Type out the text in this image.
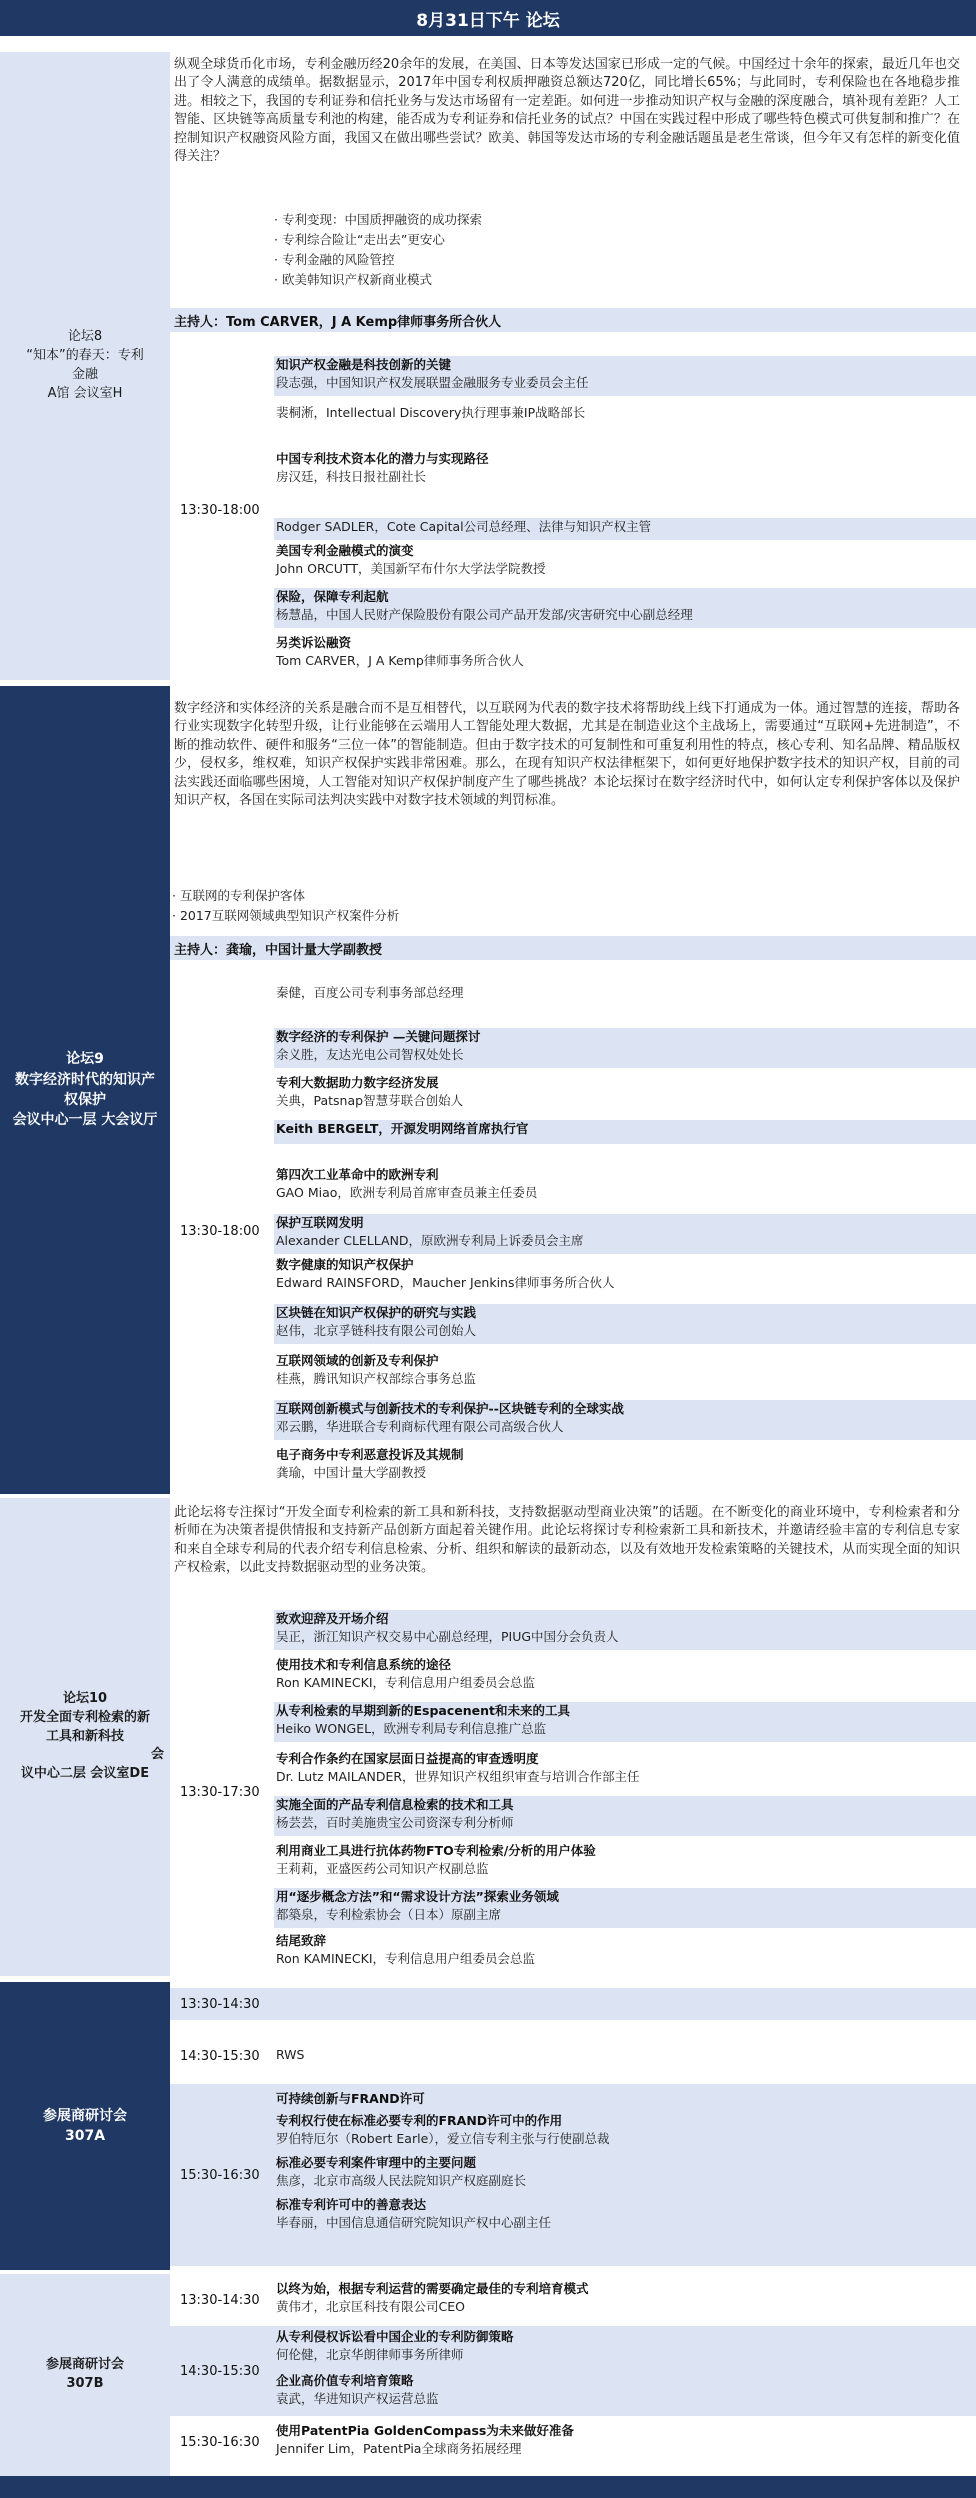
8月31日下午 论坛
论坛8
“知本”的春天：专利
金融
A馆 会议室H

纵观全球货币化市场，专利金融历经20余年的发展，在美国、日本等发达国家已形成一定的气候。中国经过十余年的探索，最近几年也交出了令人满意的成绩单。据数据显示，2017年中国专利权质押融资总额达720亿，同比增长65%；与此同时，专利保险也在各地稳步推进。相较之下，我国的专利证券和信托业务与发达市场留有一定差距。如何进一步推动知识产权与金融的深度融合，填补现有差距？人工智能、区块链等高质量专利池的构建，能否成为专利证券和信托业务的试点？中国在实践过程中形成了哪些特色模式可供复制和推广？在控制知识产权融资风险方面，我国又在做出哪些尝试？欧美、韩国等发达市场的专利金融话题虽是老生常谈，但今年又有怎样的新变化值得关注？

· 专利变现：中国质押融资的成功探索
· 专利综合险让“走出去”更安心
· 专利金融的风险管控
· 欧美韩知识产权新商业模式
主持人：Tom CARVER，J A Kemp律师事务所合伙人
13:30-18:00
知识产权金融是科技创新的关键
段志强，中国知识产权发展联盟金融服务专业委员会主任
裴桐淅，Intellectual Discovery执行理事兼IP战略部长
中国专利技术资本化的潜力与实现路径
房汉廷，科技日报社副社长
Rodger SADLER，Cote Capital公司总经理、法律与知识产权主管
美国专利金融模式的演变
John ORCUTT，美国新罕布什尔大学法学院教授
保险，保障专利起航
杨慧晶，中国人民财产保险股份有限公司产品开发部/灾害研究中心副总经理
另类诉讼融资
Tom CARVER，J A Kemp律师事务所合伙人
论坛9
数字经济时代的知识产
权保护
会议中心一层 大会议厅

数字经济和实体经济的关系是融合而不是互相替代，以互联网为代表的数字技术将帮助线上线下打通成为一体。通过智慧的连接，帮助各行业实现数字化转型升级，让行业能够在云端用人工智能处理大数据，尤其是在制造业这个主战场上，需要通过“互联网+先进制造”，不断的推动软件、硬件和服务“三位一体”的智能制造。但由于数字技术的可复制性和可重复利用性的特点，核心专利、知名品牌、精品版权少，侵权多，维权难，知识产权保护实践非常困难。那么，在现有知识产权法律框架下，如何更好地保护数字技术的知识产权，目前的司法实践还面临哪些困境，人工智能对知识产权保护制度产生了哪些挑战？本论坛探讨在数字经济时代中，如何认定专利保护客体以及保护知识产权，各国在实际司法判决实践中对数字技术领域的判罚标准。

· 互联网的专利保护客体
· 2017互联网领域典型知识产权案件分析
主持人：龚瑜，中国计量大学副教授
13:30-18:00
秦健，百度公司专利事务部总经理
数字经济的专利保护 —关键问题探讨
余义胜，友达光电公司智权处处长
专利大数据助力数字经济发展
关典，Patsnap智慧芽联合创始人
Keith BERGELT，开源发明网络首席执行官
第四次工业革命中的欧洲专利
GAO Miao，欧洲专利局首席审查员兼主任委员
保护互联网发明
Alexander CLELLAND，原欧洲专利局上诉委员会主席
数字健康的知识产权保护
Edward RAINSFORD，Maucher Jenkins律师事务所合伙人
区块链在知识产权保护的研究与实践
赵伟，北京孚链科技有限公司创始人
互联网领域的创新及专利保护
桂燕，腾讯知识产权部综合事务总监
互联网创新模式与创新技术的专利保护--区块链专利的全球实战
邓云鹏，华进联合专利商标代理有限公司高级合伙人
电子商务中专利恶意投诉及其规制
龚瑜，中国计量大学副教授
论坛10
开发全面专利检索的新
工具和新科技
会
议中心二层 会议室DE

此论坛将专注探讨“开发全面专利检索的新工具和新科技，支持数据驱动型商业决策”的话题。在不断变化的商业环境中，专利检索者和分析师在为决策者提供情报和支持新产品创新方面起着关键作用。此论坛将探讨专利检索新工具和新技术，并邀请经验丰富的专利信息专家和来自全球专利局的代表介绍专利信息检索、分析、组织和解读的最新动态，以及有效地开发检索策略的关键技术，从而实现全面的知识产权检索，以此支持数据驱动型的业务决策。

13:30-17:30
致欢迎辞及开场介绍
吴正，浙江知识产权交易中心副总经理，PIUG中国分会负责人
使用技术和专利信息系统的途径
Ron KAMINECKI，专利信息用户组委员会总监
从专利检索的早期到新的Espacenent和未来的工具
Heiko WONGEL，欧洲专利局专利信息推广总监
专利合作条约在国家层面日益提高的审查透明度
Dr. Lutz MAILANDER，世界知识产权组织审查与培训合作部主任
实施全面的产品专利信息检索的技术和工具
杨芸芸，百时美施贵宝公司资深专利分析师
利用商业工具进行抗体药物FTO专利检索/分析的用户体验
王莉莉，亚盛医药公司知识产权副总监
用“逐步概念方法”和“需求设计方法”探索业务领域
都築泉，专利检索协会（日本）原副主席
结尾致辞
Ron KAMINECKI，专利信息用户组委员会总监
参展商研讨会
307A
13:30-14:30
14:30-15:30	RWS
15:30-16:30
可持续创新与FRAND许可
专利权行使在标准必要专利的FRAND许可中的作用
罗伯特厄尔（Robert Earle），爱立信专利主张与行使副总裁
标准必要专利案件审理中的主要问题
焦彦，北京市高级人民法院知识产权庭副庭长
标准专利许可中的善意表达
毕春丽，中国信息通信研究院知识产权中心副主任
参展商研讨会
307B
13:30-14:30
以终为始，根据专利运营的需要确定最佳的专利培育模式
黄伟才，北京匡科技有限公司CEO
14:30-15:30
从专利侵权诉讼看中国企业的专利防御策略
何伦健，北京华朗律师事务所律师
企业高价值专利培育策略
袁武，华进知识产权运营总监
15:30-16:30
使用PatentPia GoldenCompass为未来做好准备
Jennifer Lim，PatentPia全球商务拓展经理
